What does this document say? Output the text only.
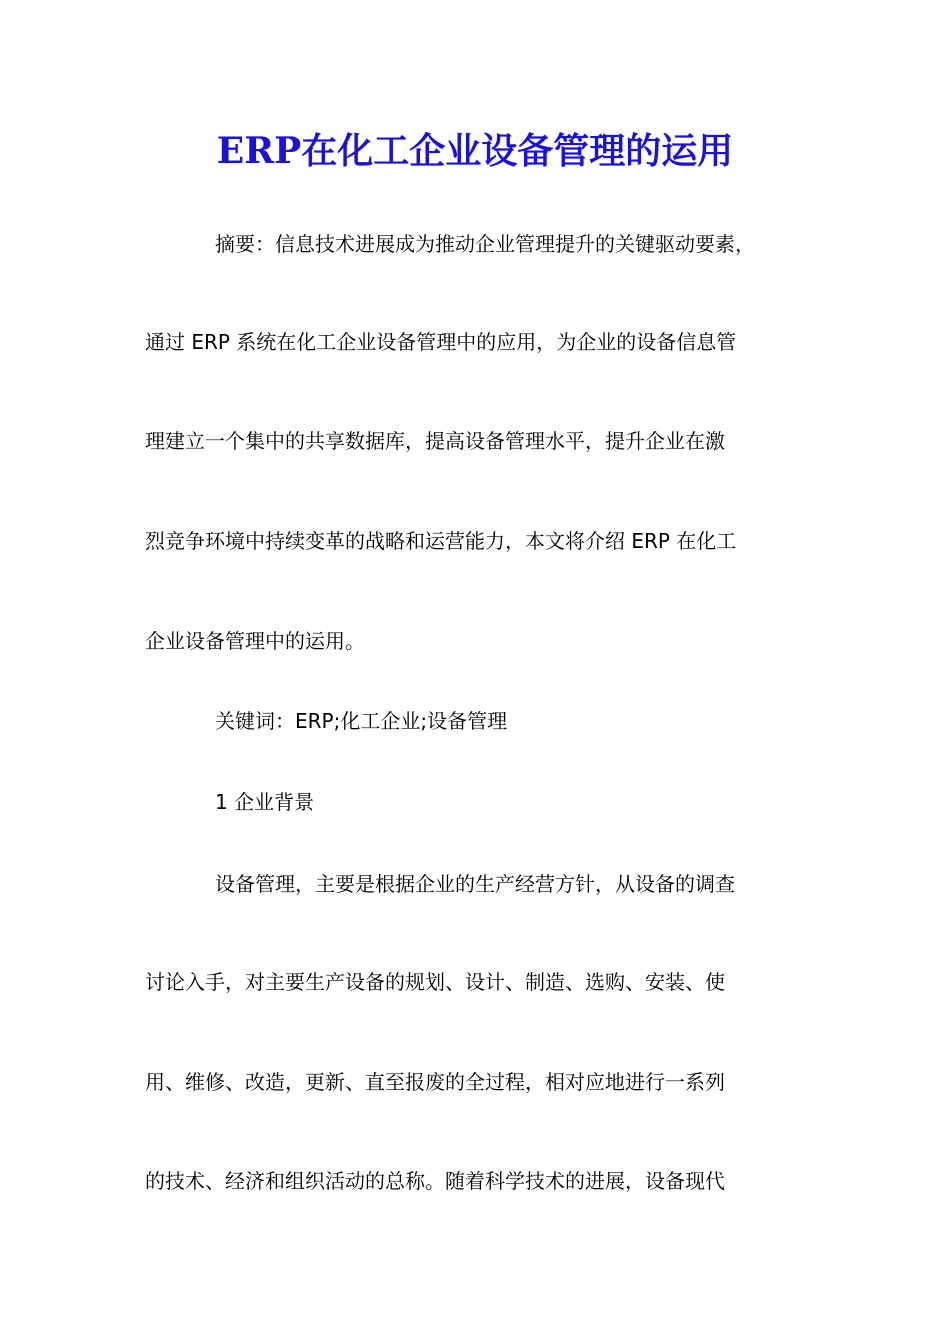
ERP在化工企业设备管理的运用
摘要：信息技术进展成为推动企业管理提升的关键驱动要素，
通过 ERP 系统在化工企业设备管理中的应用，为企业的设备信息管
理建立一个集中的共享数据库，提高设备管理水平，提升企业在激
烈竞争环境中持续变革的战略和运营能力，本文将介绍 ERP 在化工
企业设备管理中的运用。
关键词：ERP;化工企业;设备管理
1 企业背景
设备管理，主要是根据企业的生产经营方针，从设备的调查
讨论入手，对主要生产设备的规划、设计、制造、选购、安装、使
用、维修、改造，更新、直至报废的全过程，相对应地进行一系列
的技术、经济和组织活动的总称。随着科学技术的进展，设备现代
